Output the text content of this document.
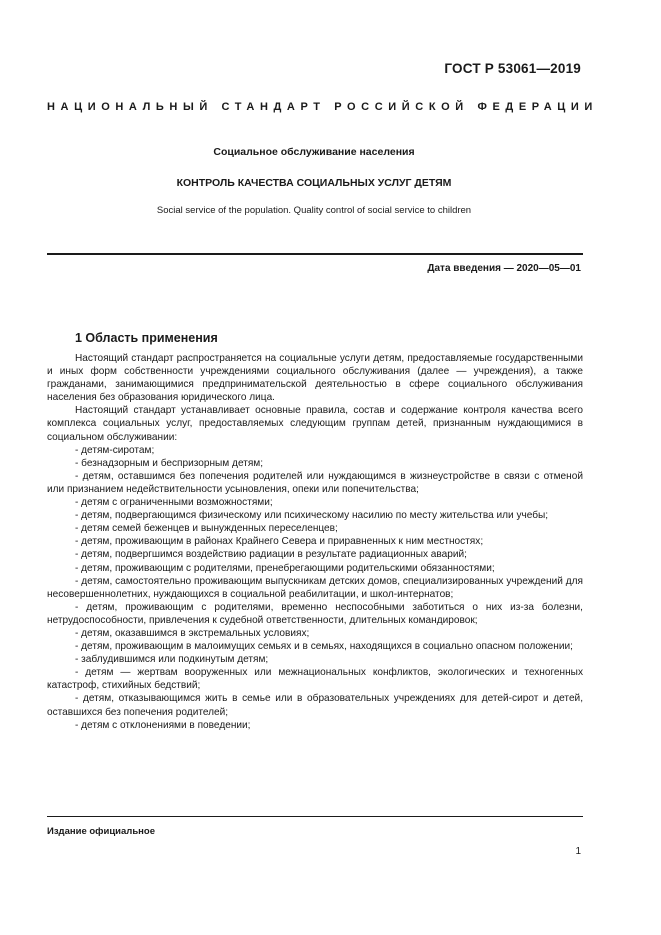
ГОСТ Р 53061—2019
НАЦИОНАЛЬНЫЙ СТАНДАРТ РОССИЙСКОЙ ФЕДЕРАЦИИ
Социальное обслуживание населения
КОНТРОЛЬ КАЧЕСТВА СОЦИАЛЬНЫХ УСЛУГ ДЕТЯМ
Social service of the population. Quality control of social service to children
Дата введения — 2020—05—01
1 Область применения

Настоящий стандарт распространяется на социальные услуги детям, предоставляемые государственными и иных форм собственности учреждениями социального обслуживания (далее — учреждения), а также гражданами, занимающимися предпринимательской деятельностью в сфере социального обслуживания населения без образования юридического лица.

Настоящий стандарт устанавливает основные правила, состав и содержание контроля качества всего комплекса социальных услуг, предоставляемых следующим группам детей, признанным нуждающимися в социальном обслуживании:

- детям-сиротам;

- безнадзорным и беспризорным детям;

- детям, оставшимся без попечения родителей или нуждающимся в жизнеустройстве в связи с отменой или признанием недействительности усыновления, опеки или попечительства;

- детям с ограниченными возможностями;

- детям, подвергающимся физическому или психическому насилию по месту жительства или учебы;

- детям семей беженцев и вынужденных переселенцев;

- детям, проживающим в районах Крайнего Севера и приравненных к ним местностях;

- детям, подвергшимся воздействию радиации в результате радиационных аварий;

- детям, проживающим с родителями, пренебрегающими родительскими обязанностями;

- детям, самостоятельно проживающим выпускникам детских домов, специализированных учреждений для несовершеннолетних, нуждающихся в социальной реабилитации, и школ-интернатов;

- детям, проживающим с родителями, временно неспособными заботиться о них из-за болезни, нетрудоспособности, привлечения к судебной ответственности, длительных командировок;

- детям, оказавшимся в экстремальных условиях;

- детям, проживающим в малоимущих семьях и в семьях, находящихся в социально опасном положении;

- заблудившимся или подкинутым детям;

- детям — жертвам вооруженных или межнациональных конфликтов, экологических и техногенных катастроф, стихийных бедствий;

- детям, отказывающимся жить в семье или в образовательных учреждениях для детей-сирот и детей, оставшихся без попечения родителей;

- детям с отклонениями в поведении;

Издание официальное
1
